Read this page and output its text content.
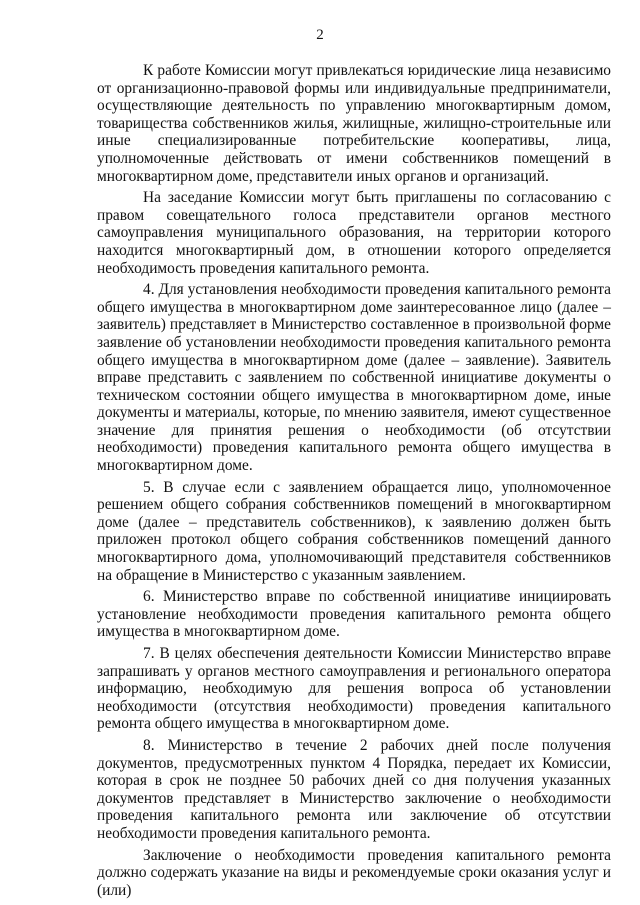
2

К работе Комиссии могут привлекаться юридические лица независимо от организационно-правовой формы или индивидуальные предприниматели, осуществляющие деятельность по управлению многоквартирным домом, товарищества собственников жилья, жилищные, жилищно-строительные или иные специализированные потребительские кооперативы, лица, уполномоченные действовать от имени собственников помещений в многоквартирном доме, представители иных органов и организаций.

На заседание Комиссии могут быть приглашены по согласованию с правом совещательного голоса представители органов местного самоуправления муниципального образования, на территории которого находится многоквартирный дом, в отношении которого определяется необходимость проведения капитального ремонта.

4. Для установления необходимости проведения капитального ремонта общего имущества в многоквартирном доме заинтересованное лицо (далее – заявитель) представляет в Министерство составленное в произвольной форме заявление об установлении необходимости проведения капитального ремонта общего имущества в многоквартирном доме (далее – заявление). Заявитель вправе представить с заявлением по собственной инициативе документы о техническом состоянии общего имущества в многоквартирном доме, иные документы и материалы, которые, по мнению заявителя, имеют существенное значение для принятия решения о необходимости (об отсутствии необходимости) проведения капитального ремонта общего имущества в многоквартирном доме.

5. В случае если с заявлением обращается лицо, уполномоченное решением общего собрания собственников помещений в многоквартирном доме (далее – представитель собственников), к заявлению должен быть приложен протокол общего собрания собственников помещений данного многоквартирного дома, уполномочивающий представителя собственников на обращение в Министерство с указанным заявлением.

6. Министерство вправе по собственной инициативе инициировать установление необходимости проведения капитального ремонта общего имущества в многоквартирном доме.

7. В целях обеспечения деятельности Комиссии Министерство вправе запрашивать у органов местного самоуправления и регионального оператора информацию, необходимую для решения вопроса об установлении необходимости (отсутствия необходимости) проведения капитального ремонта общего имущества в многоквартирном доме.

8. Министерство в течение 2 рабочих дней после получения документов, предусмотренных пунктом 4 Порядка, передает их Комиссии, которая в срок не позднее 50 рабочих дней со дня получения указанных документов представляет в Министерство заключение о необходимости проведения капитального ремонта или заключение об отсутствии необходимости проведения капитального ремонта.

Заключение о необходимости проведения капитального ремонта должно содержать указание на виды и рекомендуемые сроки оказания услуг и (или)
